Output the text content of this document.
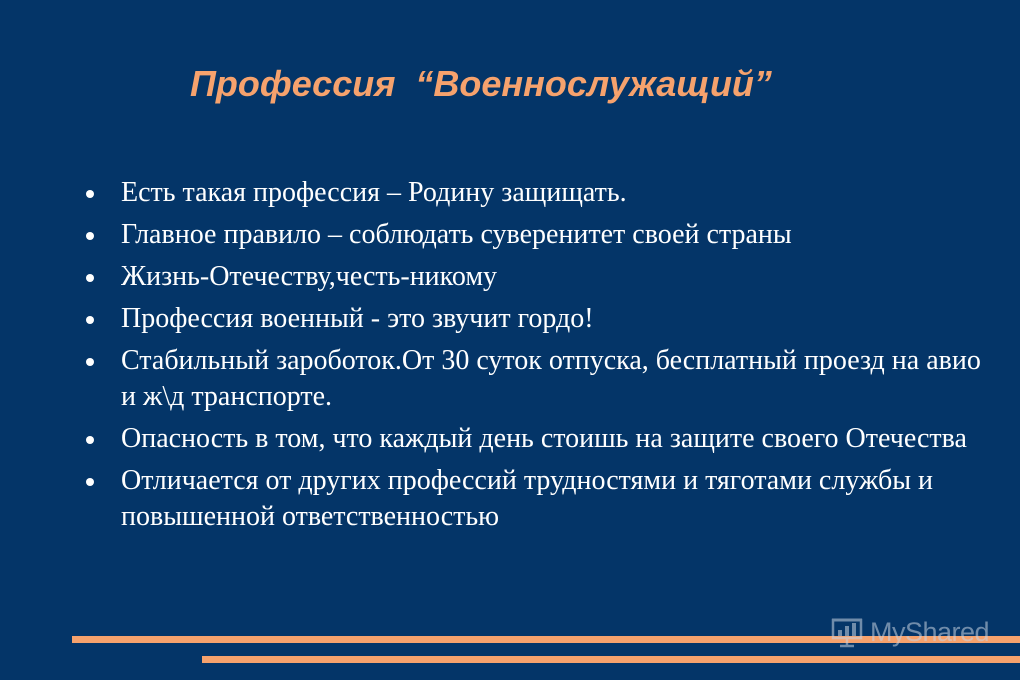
Профессия  “Военнослужащий”
Есть такая профессия – Родину защищать.
Главное правило – соблюдать суверенитет своей страны
Жизнь-Отечеству,честь-никому
Профессия военный - это звучит гордо!
Стабильный зароботок.От 30 суток отпуска, бесплатный проезд на авио и ж\д транспорте.
Опасность в том, что каждый день стоишь на защите своего Отечества
Отличается от других профессий трудностями и тяготами службы и повышенной ответственностью
MyShared
